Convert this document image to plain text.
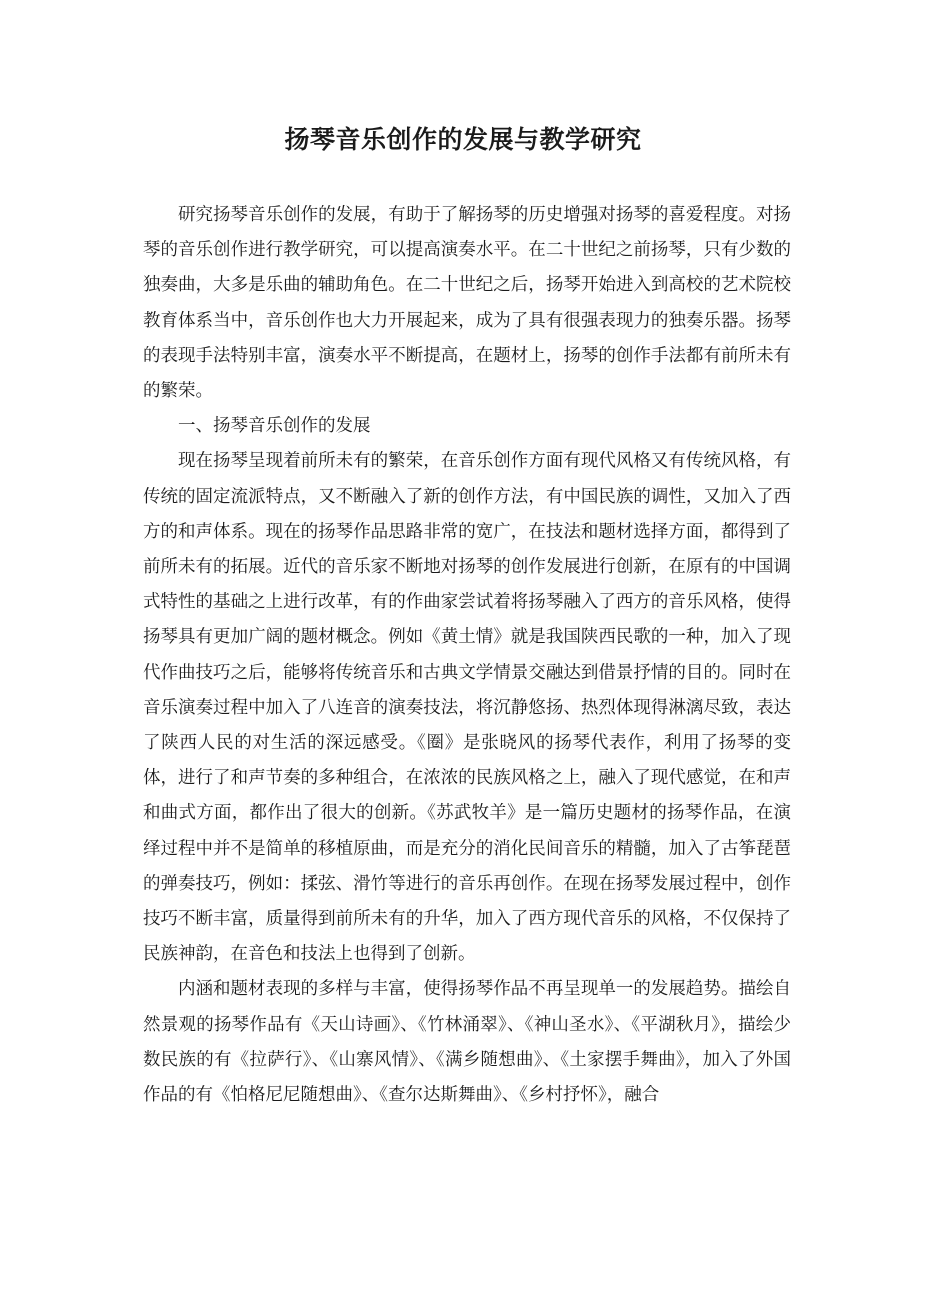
扬琴音乐创作的发展与教学研究

研究扬琴音乐创作的发展，有助于了解扬琴的历史增强对扬琴的喜爱程度。对扬琴的音乐创作进行教学研究，可以提高演奏水平。在二十世纪之前扬琴，只有少数的独奏曲，大多是乐曲的辅助角色。在二十世纪之后，扬琴开始进入到高校的艺术院校教育体系当中，音乐创作也大力开展起来，成为了具有很强表现力的独奏乐器。扬琴的表现手法特别丰富，演奏水平不断提高，在题材上，扬琴的创作手法都有前所未有的繁荣。

一、扬琴音乐创作的发展

现在扬琴呈现着前所未有的繁荣，在音乐创作方面有现代风格又有传统风格，有传统的固定流派特点，又不断融入了新的创作方法，有中国民族的调性，又加入了西方的和声体系。现在的扬琴作品思路非常的宽广，在技法和题材选择方面，都得到了前所未有的拓展。近代的音乐家不断地对扬琴的创作发展进行创新，在原有的中国调式特性的基础之上进行改革，有的作曲家尝试着将扬琴融入了西方的音乐风格，使得扬琴具有更加广阔的题材概念。例如《黄土情》就是我国陕西民歌的一种，加入了现代作曲技巧之后，能够将传统音乐和古典文学情景交融达到借景抒情的目的。同时在音乐演奏过程中加入了八连音的演奏技法，将沉静悠扬、热烈体现得淋漓尽致，表达了陕西人民的对生活的深远感受。《圈》是张晓风的扬琴代表作，利用了扬琴的变体，进行了和声节奏的多种组合，在浓浓的民族风格之上，融入了现代感觉，在和声和曲式方面，都作出了很大的创新。《苏武牧羊》是一篇历史题材的扬琴作品，在演绎过程中并不是简单的移植原曲，而是充分的消化民间音乐的精髓，加入了古筝琵琶的弹奏技巧，例如：揉弦、滑竹等进行的音乐再创作。在现在扬琴发展过程中，创作技巧不断丰富，质量得到前所未有的升华，加入了西方现代音乐的风格，不仅保持了民族神韵，在音色和技法上也得到了创新。

内涵和题材表现的多样与丰富，使得扬琴作品不再呈现单一的发展趋势。描绘自然景观的扬琴作品有《天山诗画》、《竹林涌翠》、《神山圣水》、《平湖秋月》，描绘少数民族的有《拉萨行》、《山寨风情》、《满乡随想曲》、《土家摆手舞曲》，加入了外国作品的有《怕格尼尼随想曲》、《查尔达斯舞曲》、《乡村抒怀》，融合
